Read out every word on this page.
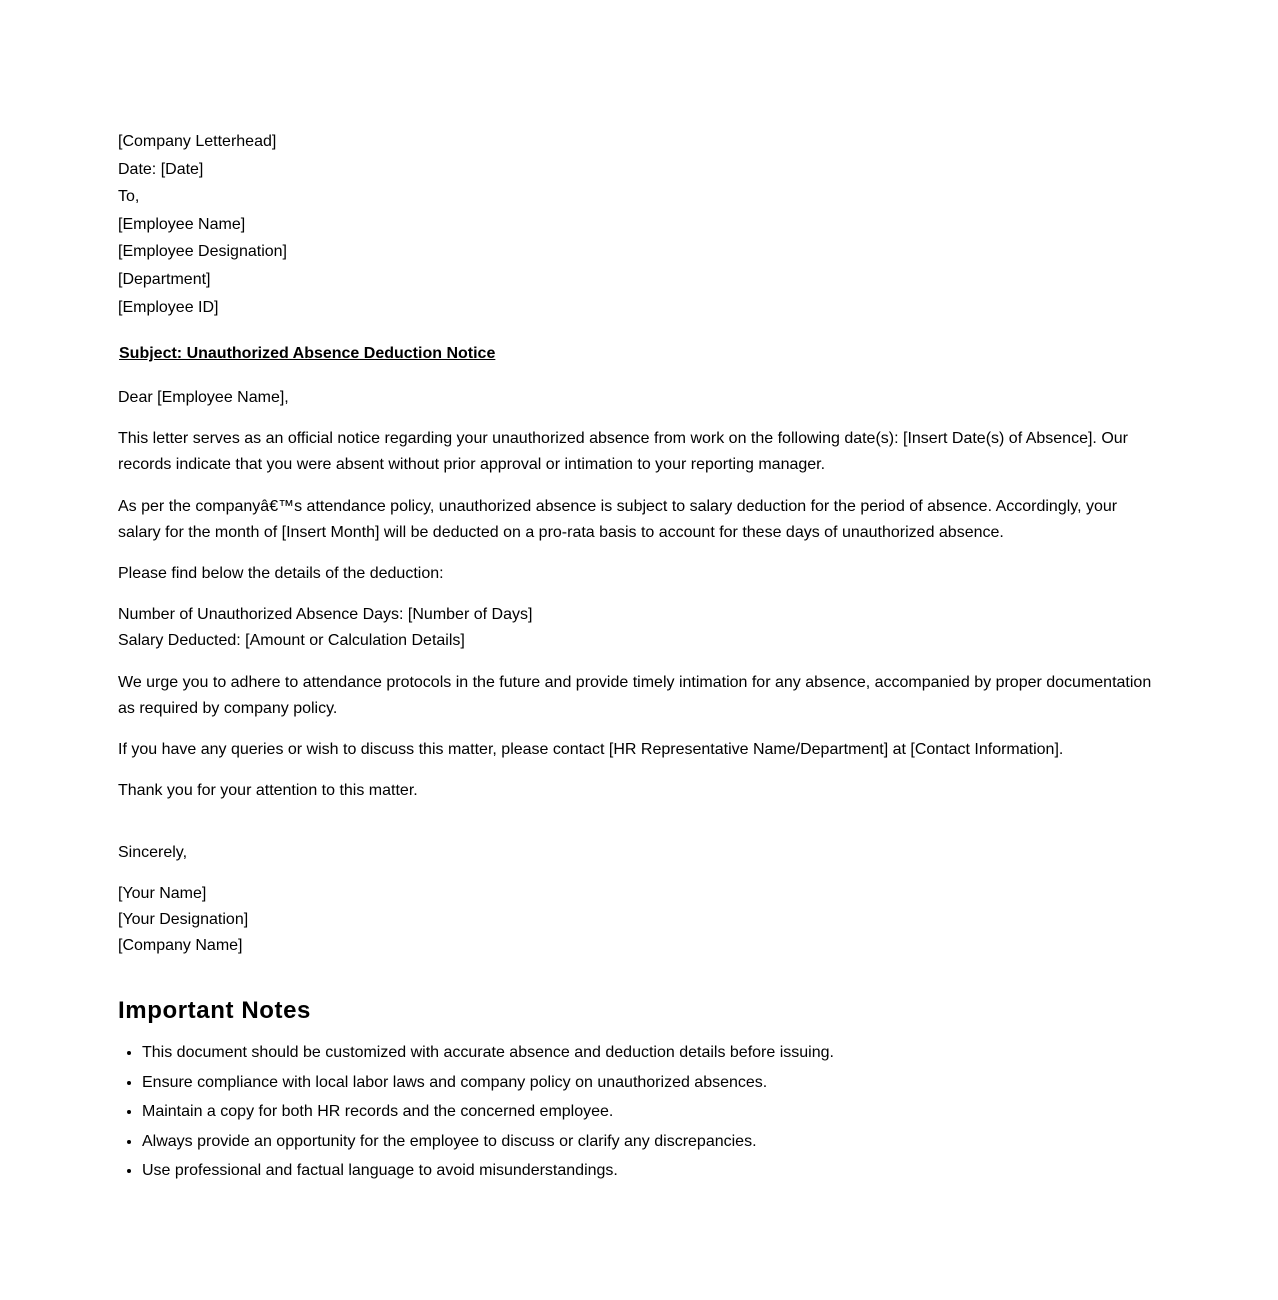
[Company Letterhead]
Date: [Date]
To,
[Employee Name]
[Employee Designation]
[Department]
[Employee ID]
Subject: Unauthorized Absence Deduction Notice

Dear [Employee Name],

This letter serves as an official notice regarding your unauthorized absence from work on the following date(s): [Insert Date(s) of Absence]. Our records indicate that you were absent without prior approval or intimation to your reporting manager.

As per the companyâ€™s attendance policy, unauthorized absence is subject to salary deduction for the period of absence. Accordingly, your salary for the month of [Insert Month] will be deducted on a pro-rata basis to account for these days of unauthorized absence.

Please find below the details of the deduction:

Number of Unauthorized Absence Days: [Number of Days]

Salary Deducted: [Amount or Calculation Details]

We urge you to adhere to attendance protocols in the future and provide timely intimation for any absence, accompanied by proper documentation as required by company policy.

If you have any queries or wish to discuss this matter, please contact [HR Representative Name/Department] at [Contact Information].

Thank you for your attention to this matter.

Sincerely,

[Your Name]

[Your Designation]

[Company Name]

Important Notes
• This document should be customized with accurate absence and deduction details before issuing.
• Ensure compliance with local labor laws and company policy on unauthorized absences.
• Maintain a copy for both HR records and the concerned employee.
• Always provide an opportunity for the employee to discuss or clarify any discrepancies.
• Use professional and factual language to avoid misunderstandings.
